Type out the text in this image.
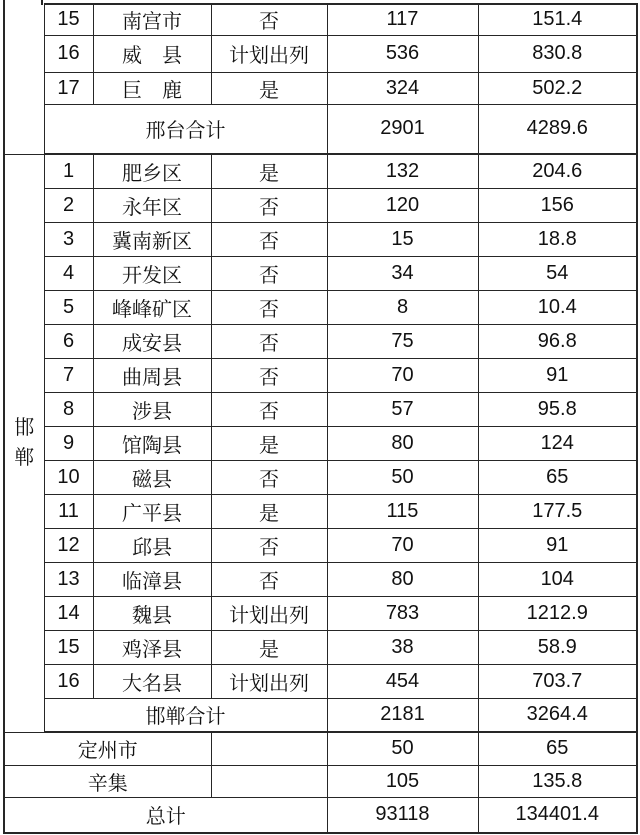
	15	南宫市	否	117	151.4
	16	威　县	计划出列	536	830.8
	17	巨　鹿	是	324	502.2
	邢台合计			2901	4289.6

邯郸	1	肥乡区	是	132	204.6
	2	永年区	否	120	156
	3	冀南新区	否	15	18.8
	4	开发区	否	34	54
	5	峰峰矿区	否	8	10.4
	6	成安县	否	75	96.8
	7	曲周县	否	70	91
	8	涉县	否	57	95.8
	9	馆陶县	是	80	124
	10	磁县	否	50	65
	11	广平县	是	115	177.5
	12	邱县	否	70	91
	13	临漳县	否	80	104
	14	魏县	计划出列	783	1212.9
	15	鸡泽县	是	38	58.9
	16	大名县	计划出列	454	703.7
	邯郸合计			2181	3264.4
定州市				50	65
辛集				105	135.8
总计				93118	134401.4
